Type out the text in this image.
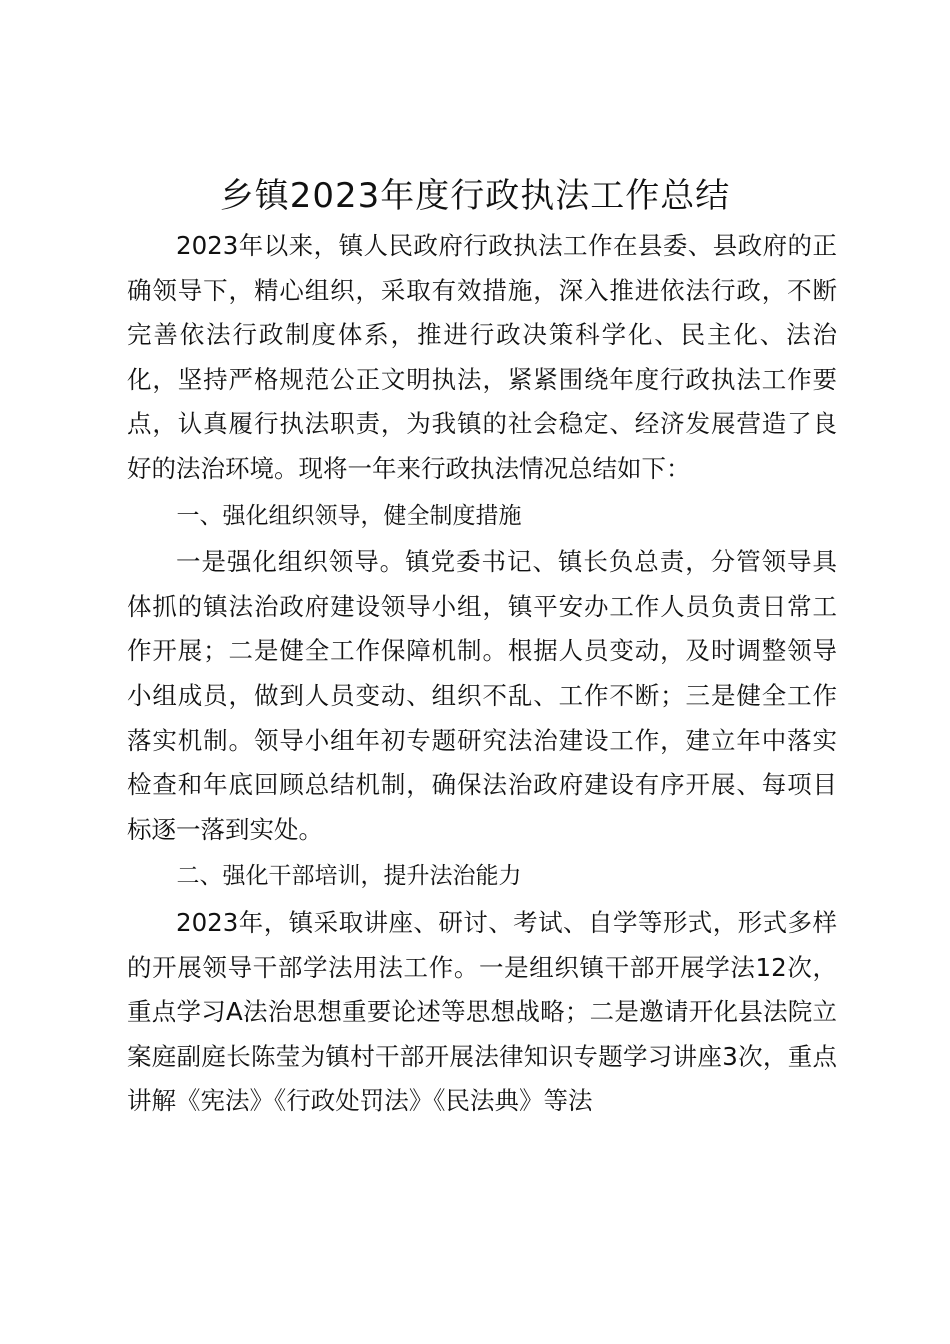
乡镇2023年度行政执法工作总结

2023年以来，镇人民政府行政执法工作在县委、县政府的正确领导下，精心组织，采取有效措施，深入推进依法行政，不断完善依法行政制度体系，推进行政决策科学化、民主化、法治化，坚持严格规范公正文明执法，紧紧围绕年度行政执法工作要点，认真履行执法职责，为我镇的社会稳定、经济发展营造了良好的法治环境。现将一年来行政执法情况总结如下：

一、强化组织领导，健全制度措施

一是强化组织领导。镇党委书记、镇长负总责，分管领导具体抓的镇法治政府建设领导小组，镇平安办工作人员负责日常工作开展；二是健全工作保障机制。根据人员变动，及时调整领导小组成员，做到人员变动、组织不乱、工作不断；三是健全工作落实机制。领导小组年初专题研究法治建设工作，建立年中落实检查和年底回顾总结机制，确保法治政府建设有序开展、每项目标逐一落到实处。

二、强化干部培训，提升法治能力

2023年，镇采取讲座、研讨、考试、自学等形式，形式多样的开展领导干部学法用法工作。一是组织镇干部开展学法12次，重点学习A法治思想重要论述等思想战略；二是邀请开化县法院立案庭副庭长陈莹为镇村干部开展法律知识专题学习讲座3次，重点讲解《宪法》《行政处罚法》《民法典》等法
